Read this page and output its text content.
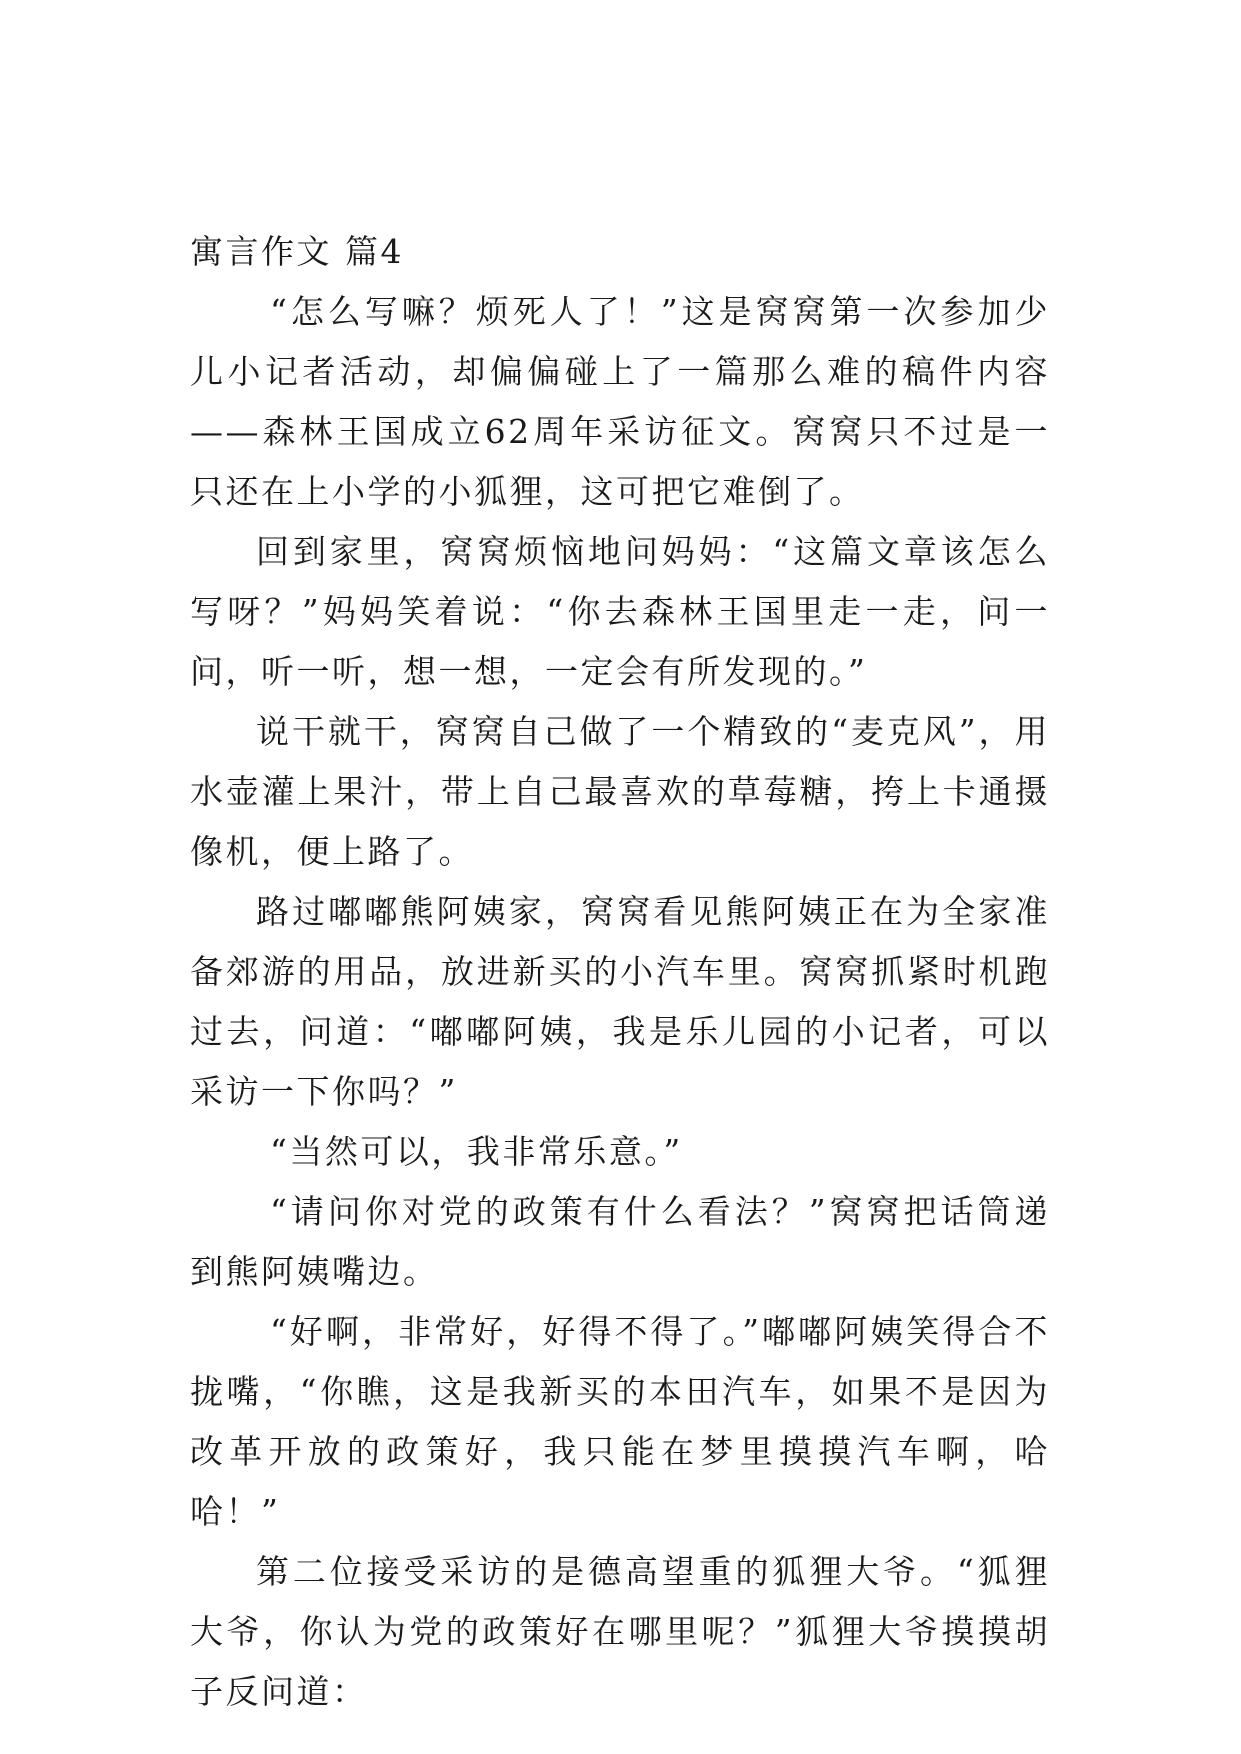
寓言作文 篇4

“怎么写嘛？烦死人了！”这是窝窝第一次参加少儿小记者活动，却偏偏碰上了一篇那么难的稿件内容——森林王国成立62周年采访征文。窝窝只不过是一只还在上小学的小狐狸，这可把它难倒了。

回到家里，窝窝烦恼地问妈妈：“这篇文章该怎么写呀？”妈妈笑着说：“你去森林王国里走一走，问一问，听一听，想一想，一定会有所发现的。”

说干就干，窝窝自己做了一个精致的“麦克风”，用水壶灌上果汁，带上自己最喜欢的草莓糖，挎上卡通摄像机，便上路了。

路过嘟嘟熊阿姨家，窝窝看见熊阿姨正在为全家准备郊游的用品，放进新买的小汽车里。窝窝抓紧时机跑过去，问道：“嘟嘟阿姨，我是乐儿园的小记者，可以采访一下你吗？”

“当然可以，我非常乐意。”

“请问你对党的政策有什么看法？”窝窝把话筒递到熊阿姨嘴边。

“好啊，非常好，好得不得了。”嘟嘟阿姨笑得合不拢嘴，“你瞧，这是我新买的本田汽车，如果不是因为改革开放的政策好，我只能在梦里摸摸汽车啊，哈哈！”

第二位接受采访的是德高望重的狐狸大爷。“狐狸大爷，你认为党的政策好在哪里呢？”狐狸大爷摸摸胡子反问道：
